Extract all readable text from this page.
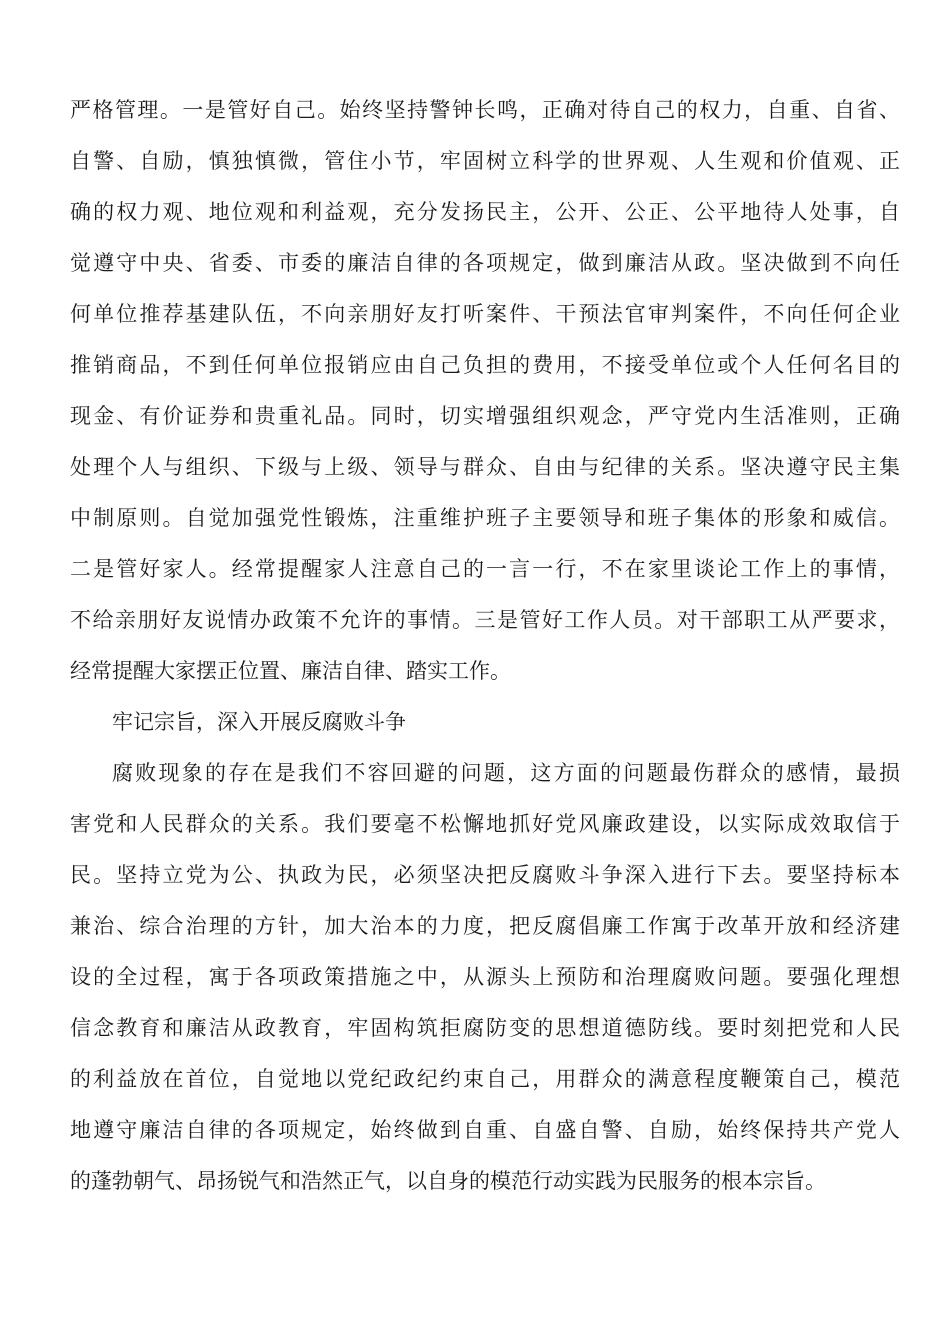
严格管理。一是管好自己。始终坚持警钟长鸣，正确对待自己的权力，自重、自省、

自警、自励，慎独慎微，管住小节，牢固树立科学的世界观、人生观和价值观、正

确的权力观、地位观和利益观，充分发扬民主，公开、公正、公平地待人处事，自

觉遵守中央、省委、市委的廉洁自律的各项规定，做到廉洁从政。坚决做到不向任

何单位推荐基建队伍，不向亲朋好友打听案件、干预法官审判案件，不向任何企业

推销商品，不到任何单位报销应由自己负担的费用，不接受单位或个人任何名目的

现金、有价证券和贵重礼品。同时，切实增强组织观念，严守党内生活准则，正确

处理个人与组织、下级与上级、领导与群众、自由与纪律的关系。坚决遵守民主集

中制原则。自觉加强党性锻炼，注重维护班子主要领导和班子集体的形象和威信。

二是管好家人。经常提醒家人注意自己的一言一行，不在家里谈论工作上的事情，

不给亲朋好友说情办政策不允许的事情。三是管好工作人员。对干部职工从严要求，

经常提醒大家摆正位置、廉洁自律、踏实工作。

牢记宗旨，深入开展反腐败斗争

腐败现象的存在是我们不容回避的问题，这方面的问题最伤群众的感情，最损

害党和人民群众的关系。我们要毫不松懈地抓好党风廉政建设，以实际成效取信于

民。坚持立党为公、执政为民，必须坚决把反腐败斗争深入进行下去。要坚持标本

兼治、综合治理的方针，加大治本的力度，把反腐倡廉工作寓于改革开放和经济建

设的全过程，寓于各项政策措施之中，从源头上预防和治理腐败问题。要强化理想

信念教育和廉洁从政教育，牢固构筑拒腐防变的思想道德防线。要时刻把党和人民

的利益放在首位，自觉地以党纪政纪约束自己，用群众的满意程度鞭策自己，模范

地遵守廉洁自律的各项规定，始终做到自重、自盛自警、自励，始终保持共产党人

的蓬勃朝气、昂扬锐气和浩然正气，以自身的模范行动实践为民服务的根本宗旨。
